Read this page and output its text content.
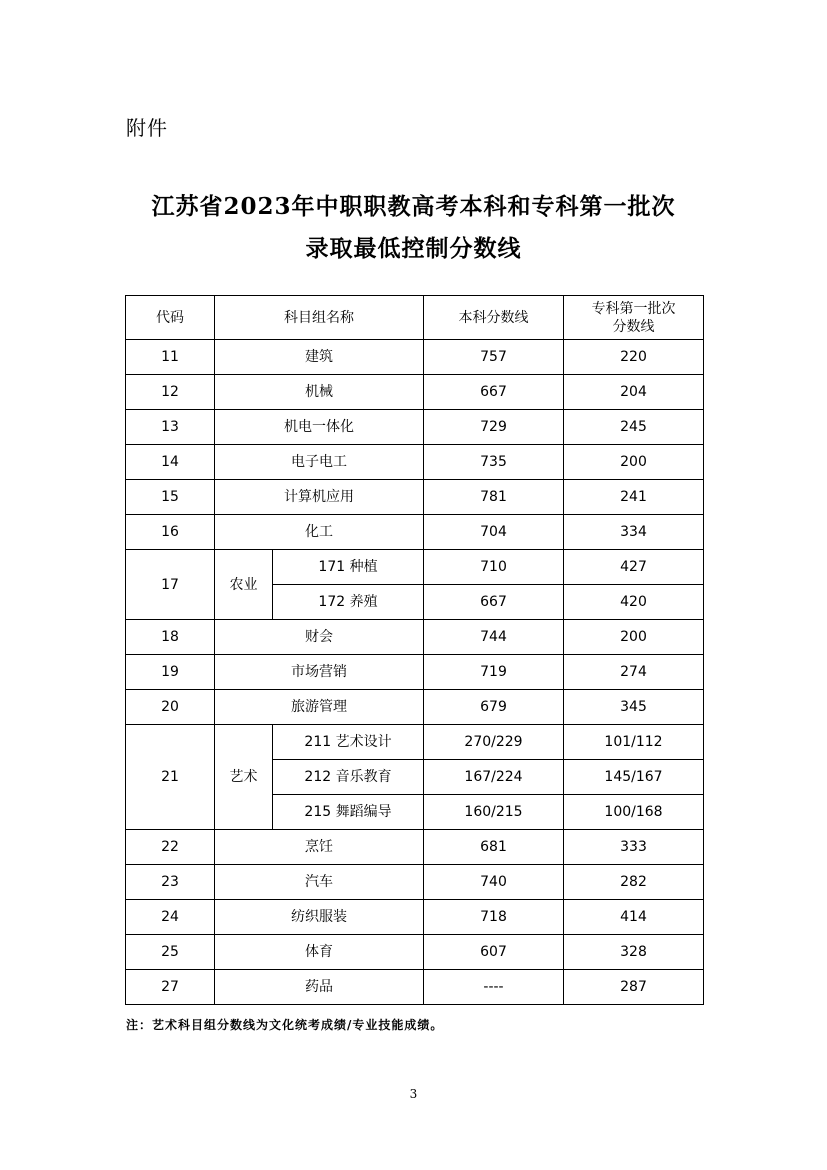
附件
江苏省2023年中职职教高考本科和专科第一批次
录取最低控制分数线
代码	科目组名称		本科分数线	专科第一批次
分数线

11	建筑		757	220
12	机械		667	204
13	机电一体化		729	245
14	电子电工		735	200
15	计算机应用		781	241
16	化工		704	334
17	农业	171 种植	710	427
		172 养殖	667	420
18	财会		744	200
19	市场营销		719	274
20	旅游管理		679	345
21	艺术	211 艺术设计	270/229	101/112
		212 音乐教育	167/224	145/167
		215 舞蹈编导	160/215	100/168
22	烹饪		681	333
23	汽车		740	282
24	纺织服装		718	414
25	体育		607	328
27	药品		----	287
注：艺术科目组分数线为文化统考成绩/专业技能成绩。
3
